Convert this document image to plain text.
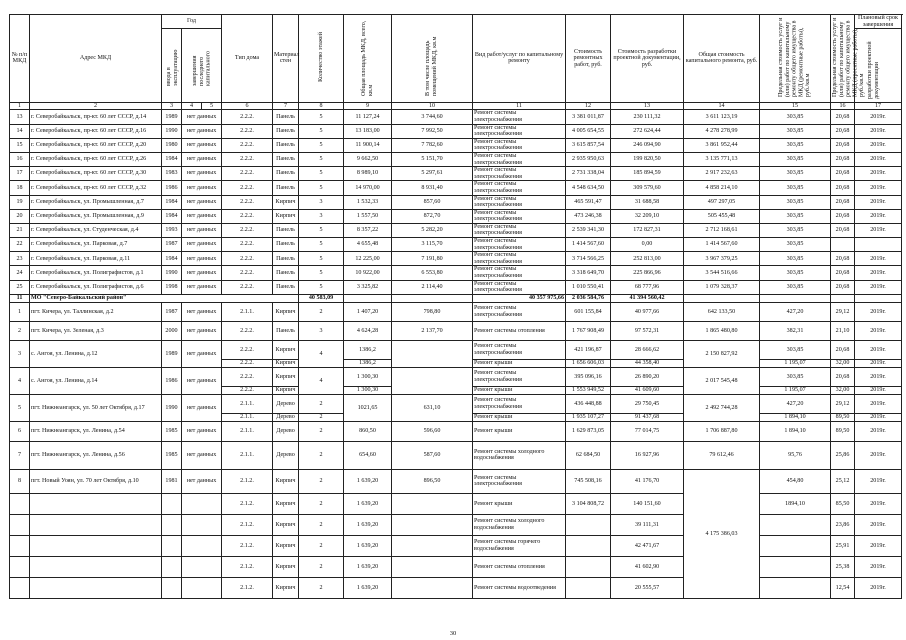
№ п/п МКД	Адрес МКД	Год			Тип дома	Материал стен	Количество этажей	Общая площадь МКД, всего, кв.м	В том числе площадь помещений МКД, кв.м	Вид работ/услуг по капитальному ремонту	Стоимость ремонтных работ, руб.	Стоимость разработки проектной документации, руб.	Общая стоимость капитального ремонта, руб.	Предельная стоимость услуг и (или) работ по капитальному ремонту общего имущества в МКД (ремонтные работы), руб./кв.м	Предельная стоимость услуг и (или) работ по капитальному ремонту общего имущества в МКД (проектные работы), руб./кв.м	Плановый срок завершения	
		ввода в эксплуатацию	завершения последнего капитального													разработки проектной документации	

1	2	3	4	5	6	7	8	9	10	11	12	13	14	15	16	17	
13	г. Северобайкальск, пр-кт. 60 лет СССР, д.14	1989	нет данных		2.2.2.	Панель	5	11 127,24	3 744,60	Ремонт системы электроснабжения	3 381 011,87	230 111,32	3 611 123,19	303,85	20,68	2019г.	
14	г. Северобайкальск, пр-кт. 60 лет СССР, д.16	1990	нет данных		2.2.2.	Панель	5	13 183,00	7 992,50	Ремонт системы электроснабжения	4 005 654,55	272 624,44	4 278 278,99	303,85	20,68	2019г.	
15	г. Северобайкальск, пр-кт. 60 лет СССР, д.20	1980	нет данных		2.2.2.	Панель	5	11 900,14	7 782,60	Ремонт системы электроснабжения	3 615 857,54	246 094,90	3 861 952,44	303,85	20,68	2019г.	
16	г. Северобайкальск, пр-кт. 60 лет СССР, д.26	1984	нет данных		2.2.2.	Панель	5	9 662,50	5 151,70	Ремонт системы электроснабжения	2 935 950,63	199 820,50	3 135 771,13	303,85	20,68	2019г.	
17	г. Северобайкальск, пр-кт. 60 лет СССР, д.30	1983	нет данных		2.2.2.	Панель	5	8 989,10	5 297,61	Ремонт системы электроснабжения	2 731 338,04	185 894,59	2 917 232,63	303,85	20,68	2019г.	
18	г. Северобайкальск, пр-кт. 60 лет СССР, д.32	1986	нет данных		2.2.2.	Панель	5	14 970,00	8 931,40	Ремонт системы электроснабжения	4 548 634,50	309 579,60	4 858 214,10	303,85	20,68	2019г.	
19	г. Северобайкальск, ул. Промышленная, д.7	1984	нет данных		2.2.2.	Кирпич	3	1 532,33	857,60	Ремонт системы электроснабжения	465 591,47	31 688,58	497 297,05	303,85	20,68	2019г.	
20	г. Северобайкальск, ул. Промышленная, д.9	1984	нет данных		2.2.2.	Кирпич	3	1 557,50	872,70	Ремонт системы электроснабжения	473 246,38	32 209,10	505 455,48	303,85	20,68	2019г.	
21	г. Северобайкальск, ул. Студенческая, д.4	1993	нет данных		2.2.2.	Панель	5	8 357,22	5 282,20	Ремонт системы электроснабжения	2 539 341,30	172 827,31	2 712 168,61	303,85	20,68	2019г.	
22	г. Северобайкальск, ул. Парковая, д.7	1987	нет данных		2.2.2.	Панель	5	4 655,48	3 115,70	Ремонт системы электроснабжения	1 414 567,60	0,00	1 414 567,60	303,85			
23	г. Северобайкальск, ул. Парковая, д.11	1984	нет данных		2.2.2.	Панель	5	12 225,00	7 191,80	Ремонт системы электроснабжения	3 714 566,25	252 813,00	3 967 379,25	303,85	20,68	2019г.	
24	г. Северобайкальск, ул. Полиграфистов, д.1	1990	нет данных		2.2.2.	Панель	5	10 922,00	6 553,80	Ремонт системы электроснабжения	3 318 649,70	225 866,96	3 544 516,66	303,85	20,68	2019г.	
25	г. Северобайкальск, ул. Полиграфистов, д.6	1998	нет данных		2.2.2.	Панель	5	3 325,82	2 114,40	Ремонт системы электроснабжения	1 010 550,41	68 777,96	1 079 328,37	303,85	20,68	2019г.	
11	МО "Северо-Байкальский район"						40 583,09			40 357 975,66	2 036 584,76	41 394 560,42					
1	пгт. Кичера, ул. Таллинская, д.2	1987	нет данных		2.1.1.	Кирпич	2	1 407,20	798,80	Ремонт системы электроснабжения	601 155,84	40 977,66	642 133,50	427,20	29,12	2019г.	
2	пгт. Кичера, ул. Зеленая, д.3	2000	нет данных		2.2.2.	Панель	3	4 624,28	2 137,70	Ремонт системы отопления	1 767 908,49	97 572,31	1 865 480,80	382,31	21,10	2019г.	
3	с. Ангоя, ул. Ленина, д.12	1989	нет данных		2.2.2.	Кирпич	4	1386,2		Ремонт системы электроснабжения	421 196,87	28 666,62	2 150 827,92	303,85	20,68	2019г.	
					2.2.2.	Кирпич		1386,2		Ремонт крыши	1 656 606,03	44 358,40		1 195,07	32,00	2019г.	
4	с. Ангоя, ул. Ленина, д.14	1986	нет данных		2.2.2.	Кирпич	4	1 300,30		Ремонт системы электроснабжения	395 096,16	26 890,20	2 017 545,48	303,85	20,68	2019г.	
					2.2.2.	Кирпич		1 300,30		Ремонт крыши	1 553 949,52	41 609,60		1 195,07	32,00	2019г.	
5	пгт. Нижнеангарск, ул. 50 лет Октября, д.17	1990	нет данных		2.1.1.	Дерево	2	1021,65	631,10	Ремонт системы электроснабжения	436 448,88	29 750,45	2 492 744,28	427,20	29,12	2019г.	
					2.1.1.	Дерево	2			Ремонт крыши	1 935 107,27	91 437,68		1 894,10	89,50	2019г.	
6	пгт. Нижнеангарск, ул. Ленина, д.54	1985	нет данных		2.1.1.	Дерево	2	860,50	596,60	Ремонт крыши	1 629 873,05	77 014,75	1 706 887,80	1 894,10	89,50	2019г.	
7	пгт. Нижнеангарск, ул. Ленина, д.56	1985	нет данных		2.1.1.	Дерево	2	654,60	587,60	Ремонт системы холодного водоснабжения	62 684,50	16 927,96	79 612,46	95,76	25,86	2019г.	
8	пгт. Новый Уоян, ул. 70 лет Октября, д.10	1981	нет данных		2.1.2.	Кирпич	2	1 639,20	896,50	Ремонт системы электроснабжения	745 508,16	41 176,70	4 175 386,03	454,80	25,12	2019г.	
					2.1.2.	Кирпич	2	1 639,20		Ремонт крыши	3 104 808,72	140 151,60		1894,10	85,50	2019г.	
					2.1.2.	Кирпич	2	1 639,20		Ремонт системы холодного водоснабжения		39 111,31			23,86	2019г.	
					2.1.2.	Кирпич	2	1 639,20		Ремонт системы горячего водоснабжения		42 471,67			25,91	2019г.	
					2.1.2.	Кирпич	2	1 639,20		Ремонт системы отопления		41 602,90			25,38	2019г.	
					2.1.2.	Кирпич	2	1 639,20		Ремонт системы водоотведения		20 555,57			12,54	2019г.	
30
